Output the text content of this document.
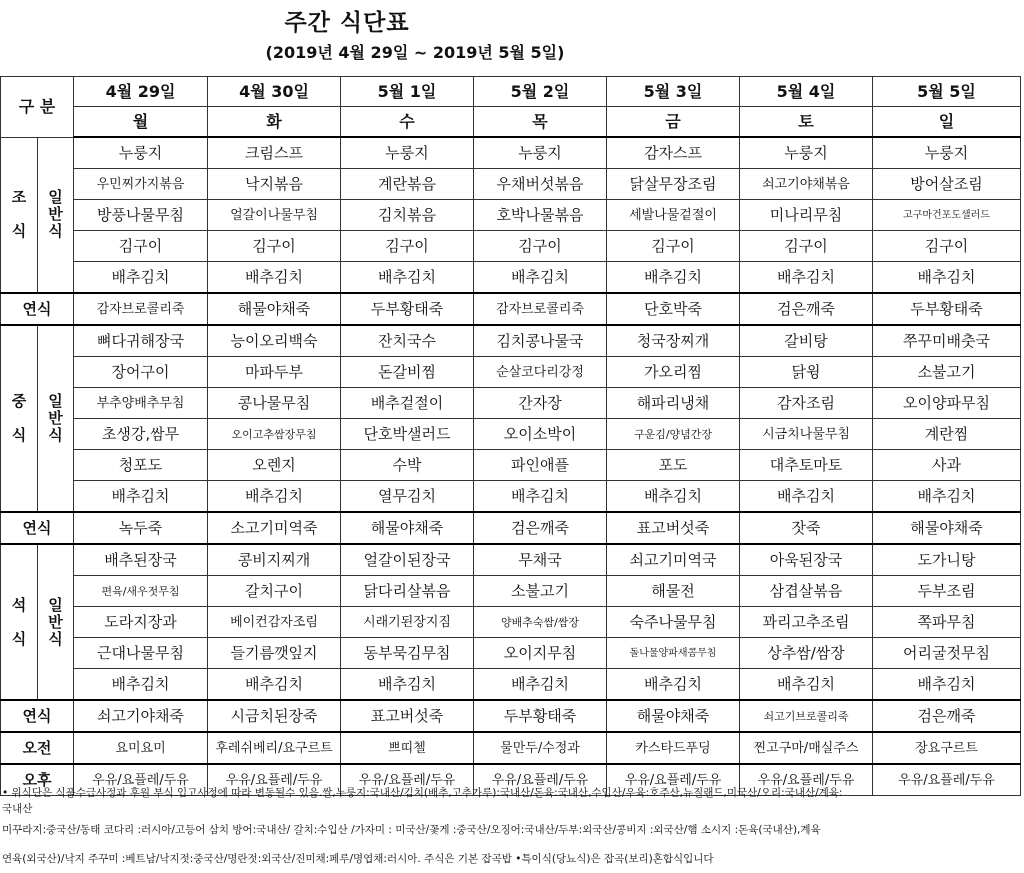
주간 식단표
(2019년 4월 29일 ~ 2019년 5월 5일)
구 분		4월 29일	4월 30일	5월 1일	5월 2일	5월 3일	5월 4일	5월 5일
		월	화	수	목	금	토	일
조

식	일
반
식	누룽지	크림스프	누룽지	누룽지	감자스프	누룽지	누룽지
		우민찌가지볶음	낙지볶음	계란볶음	우채버섯볶음	닭살무장조림	쇠고기야채볶음	방어살조림
		방풍나물무침	얼갈이나물무침	김치볶음	호박나물볶음	세발나물겉절이	미나리무침	고구마건포도샐러드
		김구이	김구이	김구이	김구이	김구이	김구이	김구이
		배추김치	배추김치	배추김치	배추김치	배추김치	배추김치	배추김치
연식		감자브로콜리죽	해물야채죽	두부황태죽	감자브로콜리죽	단호박죽	검은깨죽	두부황태죽
중

식	일
반
식	뼈다귀해장국	능이오리백숙	잔치국수	김치콩나물국	청국장찌개	갈비탕	쭈꾸미배춧국
		장어구이	마파두부	돈갈비찜	순살코다리강정	가오리찜	닭윙	소불고기
		부추양배추무침	콩나물무침	배추겉절이	간자장	해파리냉채	감자조림	오이양파무침
		초생강,쌈무	오이고추쌈장무침	단호박샐러드	오이소박이	구운김/양념간장	시금치나물무침	계란찜
		청포도	오렌지	수박	파인애플	포도	대추토마토	사과
		배추김치	배추김치	열무김치	배추김치	배추김치	배추김치	배추김치
연식		녹두죽	소고기미역죽	해물야채죽	검은깨죽	표고버섯죽	잣죽	해물야채죽
석

식	일
반
식	배추된장국	콩비지찌개	얼갈이된장국	무채국	쇠고기미역국	아욱된장국	도가니탕
		편육/새우젓무침	갈치구이	닭다리살볶음	소불고기	해물전	삼겹살볶음	두부조림
		도라지장과	베이컨감자조림	시래기된장지짐	양배추숙쌈/쌈장	숙주나물무침	꽈리고추조림	쪽파무침
		근대나물무침	들기름깻잎지	동부묵김무침	오이지무침	돌나물양파새콤무침	상추쌈/쌈장	어리굴젓무침
		배추김치	배추김치	배추김치	배추김치	배추김치	배추김치	배추김치
연식		쇠고기야채죽	시금치된장죽	표고버섯죽	두부황태죽	해물야채죽	쇠고기브로콜리죽	검은깨죽
오전		요미요미	후레쉬베리/요구르트	쁘띠첼	물만두/수정과	카스타드푸딩	찐고구마/매실주스	장요구르트
오후		우유/요플레/두유	우유/요플레/두유	우유/요플레/두유	우유/요플레/두유	우유/요플레/두유	우유/요플레/두유	우유/요플레/두유
• 위식단은 식품수급사정과 후원 부식 입고사정에 따라 변동될수 있음.쌀,누룽지:국내산/김치(배추,고추가루):국내산/돈육:국내산,수입산/우육:호주산,뉴질랜드,미국산/오리:국내산/계육:
국내산
미꾸라지:중국산/동태 코다리 :러시아/고등어 삼치 방어:국내산/ 갈치:수입산 /가자미 : 미국산/꽃게 :중국산/오징어:국내산/두부:외국산/콩비지 :외국산/햄 소시지 :돈육(국내산),계육
연육(외국산)/낙지 주꾸미 :베트남/낙지젓:중국산/명란젓:외국산/진미채:페루/명엽채:러시아. 주식은 기본 잡곡밥 •특이식(당뇨식)은 잡곡(보리)혼합식입니다
